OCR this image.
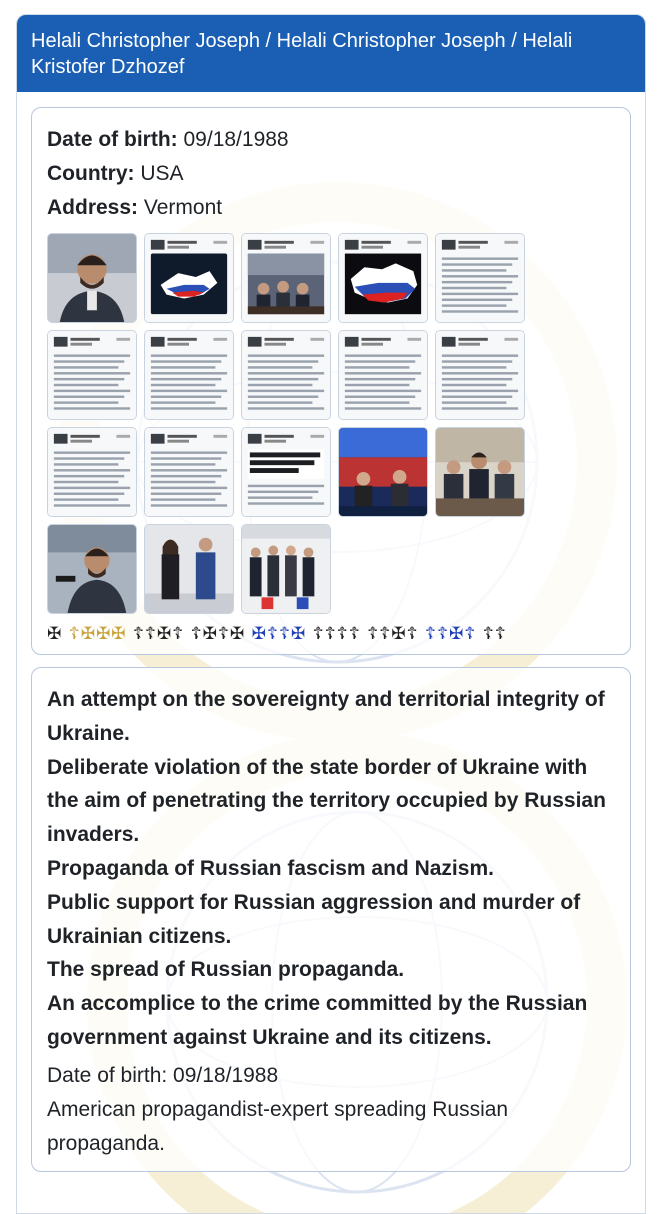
Helali Christopher Joseph / Helali Christopher Joseph / Helali Kristofer Dzhozef
Date of birth: 09/18/1988
Country: USA
Address: Vermont
✠ ☦✠✠✠ ☦☦✠☦ ☦✠☦✠ ✠☦☦✠ ☦☦☦☦ ☦☦✠☦ ☦☦✠☦ ☦☦
An attempt on the sovereignty and territorial integrity of Ukraine.
Deliberate violation of the state border of Ukraine with the aim of penetrating the territory occupied by Russian invaders.
Propaganda of Russian fascism and Nazism.
Public support for Russian aggression and murder of Ukrainian citizens.
The spread of Russian propaganda.
An accomplice to the crime committed by the Russian government against Ukraine and its citizens.
Date of birth: 09/18/1988
American propagandist-expert spreading Russian propaganda.
